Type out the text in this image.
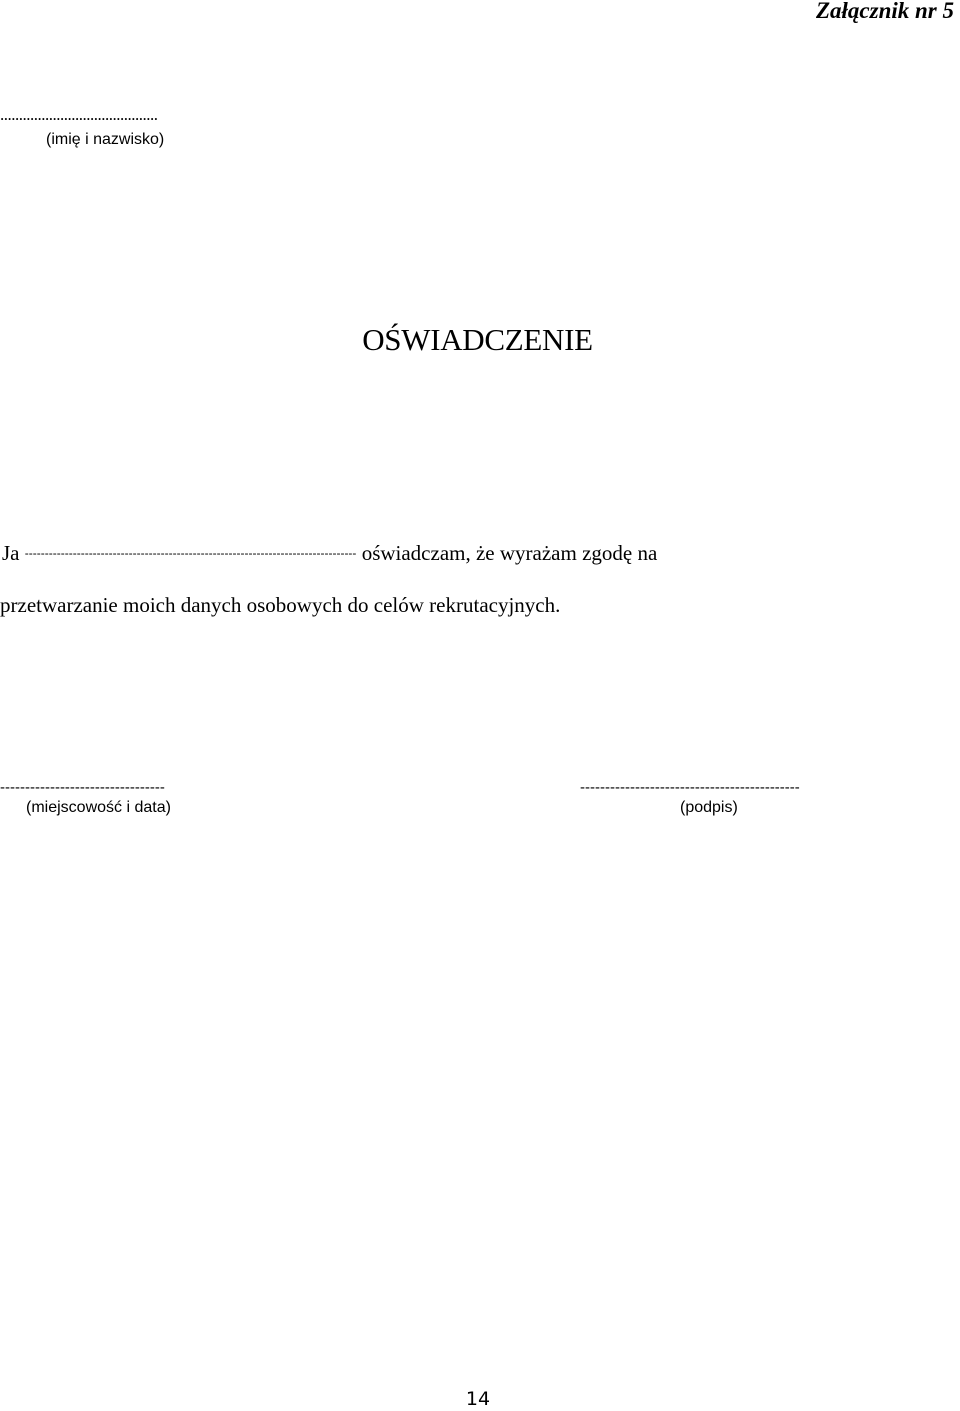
Załącznik nr 5
..........................................
(imię i nazwisko)
OŚWIADCZENIE
Ja ----------------------------------------------------------------------------------- oświadczam, że wyrażam zgodę na
przetwarzanie moich danych osobowych do celów rekrutacyjnych.
---------------------------------
(miejscowość i data)
--------------------------------------------
(podpis)
14
